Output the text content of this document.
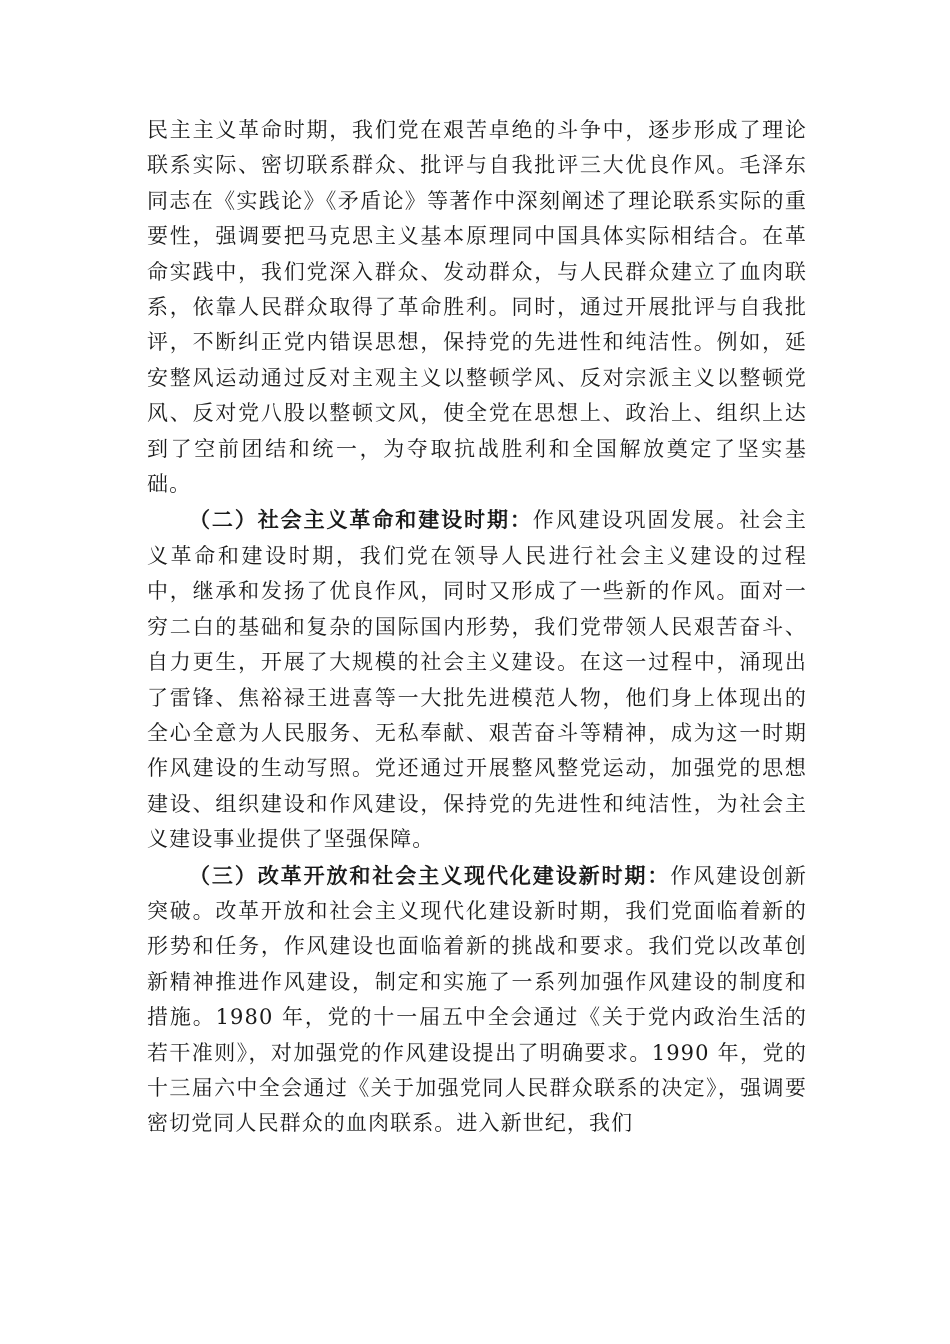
民主主义革命时期，我们党在艰苦卓绝的斗争中，逐步形成了理论联系实际、密切联系群众、批评与自我批评三大优良作风。毛泽东同志在《实践论》《矛盾论》等著作中深刻阐述了理论联系实际的重要性，强调要把马克思主义基本原理同中国具体实际相结合。在革命实践中，我们党深入群众、发动群众，与人民群众建立了血肉联系，依靠人民群众取得了革命胜利。同时，通过开展批评与自我批评，不断纠正党内错误思想，保持党的先进性和纯洁性。例如，延安整风运动通过反对主观主义以整顿学风、反对宗派主义以整顿党风、反对党八股以整顿文风，使全党在思想上、政治上、组织上达到了空前团结和统一，为夺取抗战胜利和全国解放奠定了坚实基础。

（二）社会主义革命和建设时期：作风建设巩固发展。社会主义革命和建设时期，我们党在领导人民进行社会主义建设的过程中，继承和发扬了优良作风，同时又形成了一些新的作风。面对一穷二白的基础和复杂的国际国内形势，我们党带领人民艰苦奋斗、自力更生，开展了大规模的社会主义建设。在这一过程中，涌现出了雷锋、焦裕禄王进喜等一大批先进模范人物，他们身上体现出的全心全意为人民服务、无私奉献、艰苦奋斗等精神，成为这一时期作风建设的生动写照。党还通过开展整风整党运动，加强党的思想建设、组织建设和作风建设，保持党的先进性和纯洁性，为社会主义建设事业提供了坚强保障。

（三）改革开放和社会主义现代化建设新时期：作风建设创新突破。改革开放和社会主义现代化建设新时期，我们党面临着新的形势和任务，作风建设也面临着新的挑战和要求。我们党以改革创新精神推进作风建设，制定和实施了一系列加强作风建设的制度和措施。1980 年，党的十一届五中全会通过《关于党内政治生活的若干准则》，对加强党的作风建设提出了明确要求。1990 年，党的十三届六中全会通过《关于加强党同人民群众联系的决定》，强调要密切党同人民群众的血肉联系。进入新世纪，我们
